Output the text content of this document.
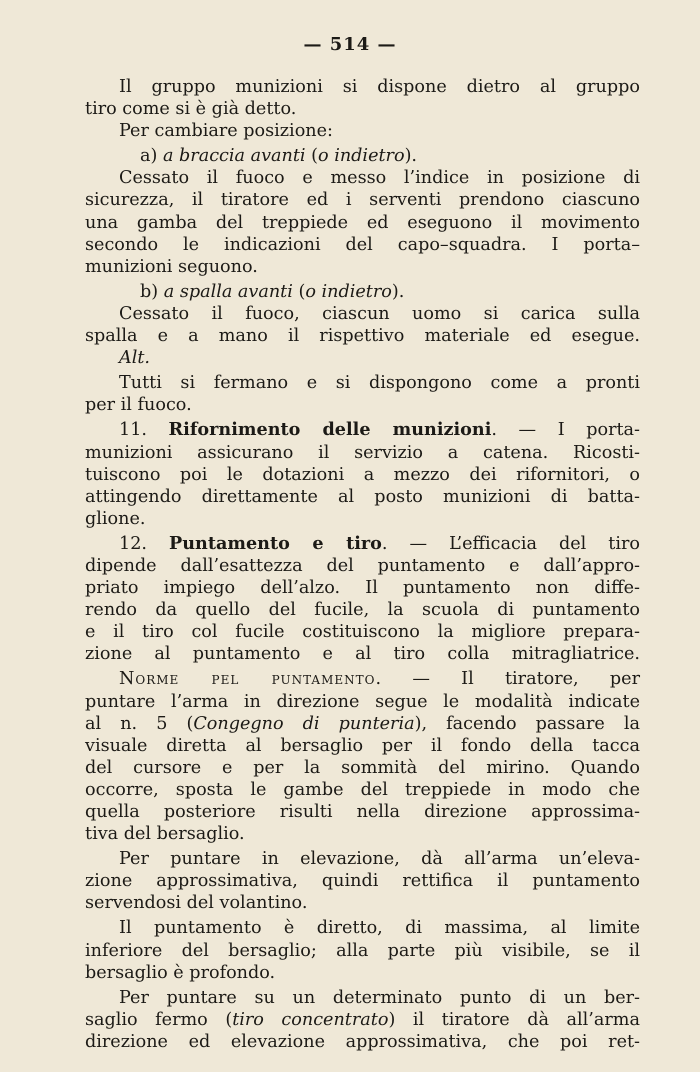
— 514 —
Il gruppo munizioni si dispone dietro al gruppo
tiro come si è già detto.
Per cambiare posizione:
a) a braccia avanti (o indietro).
Cessato il fuoco e messo l’indice in posizione di
sicurezza, il tiratore ed i serventi prendono ciascuno
una gamba del treppiede ed eseguono il movimento
secondo le indicazioni del capo–squadra. I porta–
munizioni seguono.
b) a spalla avanti (o indietro).
Cessato il fuoco, ciascun uomo si carica sulla
spalla e a mano il rispettivo materiale ed esegue.
Alt.
Tutti si fermano e si dispongono come a pronti
per il fuoco.
11. Rifornimento delle munizioni. — I porta-
munizioni assicurano il servizio a catena. Ricosti-
tuiscono poi le dotazioni a mezzo dei rifornitori, o
attingendo direttamente al posto munizioni di batta-
glione.
12. Puntamento e tiro. — L’efficacia del tiro
dipende dall’esattezza del puntamento e dall’appro-
priato impiego dell’alzo. Il puntamento non diffe-
rendo da quello del fucile, la scuola di puntamento
e il tiro col fucile costituiscono la migliore prepara-
zione al puntamento e al tiro colla mitragliatrice.
Norme pel puntamento. — Il tiratore, per
puntare l’arma in direzione segue le modalità indicate
al n. 5 (Congegno di punteria), facendo passare la
visuale diretta al bersaglio per il fondo della tacca
del cursore e per la sommità del mirino. Quando
occorre, sposta le gambe del treppiede in modo che
quella posteriore risulti nella direzione approssima-
tiva del bersaglio.
Per puntare in elevazione, dà all’arma un’eleva-
zione approssimativa, quindi rettifica il puntamento
servendosi del volantino.
Il puntamento è diretto, di massima, al limite
inferiore del bersaglio; alla parte più visibile, se il
bersaglio è profondo.
Per puntare su un determinato punto di un ber-
saglio fermo (tiro concentrato) il tiratore dà all’arma
direzione ed elevazione approssimativa, che poi ret-
